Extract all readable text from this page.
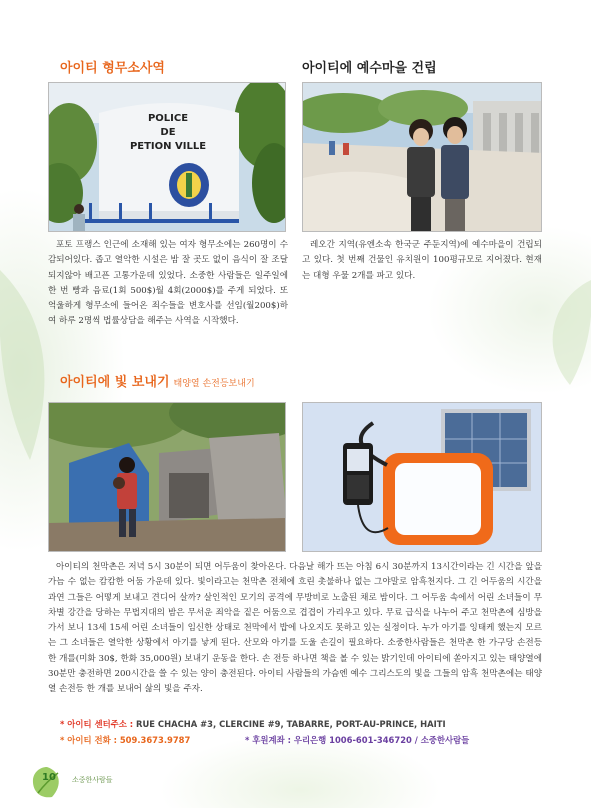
아이티 형무소사역
POLICE
DE
PETION VILLE

포토 프랭스 인근에 소재해 있는 여자 형무소에는 260명이 수감되어있다. 좁고 열악한 시설은 밤 잘 곳도 없이 음식이 잘 조달되지않아 배고픈 고통가운데 있었다. 소중한 사람들은 일주일에 한 번 빵과 음료(1회 500$)월 4회(2000$)를 주게 되었다. 또 억울하게 형무소에 들어온 죄수들을 변호사를 선임(월200$)하여 하루 2명씩 법률상담을 해주는 사역을 시작했다.

아이티에 예수마을 건립

레오간 지역(유엔소속 한국군 주둔지역)에 예수마을이 건립되고 있다. 첫 번째 건물인 유치원이 100평규모로 지어졌다. 현재는 대형 우물 2개를 파고 있다.

아이티에 빛 보내기 태양열 손전등보내기

아이티의 천막촌은 저녁 5시 30분이 되면 어두움이 찾아온다. 다음날 해가 뜨는 아침 6시 30분까지 13시간이라는 긴 시간을 앞을 가늠 수 없는 캄캄한 어둠 가운데 있다. 빛이라고는 천막촌 전체에 흐린 촛불하나 없는 그야말로 암흑천지다. 그 긴 어두움의 시간을 과연 그들은 어떻게 보내고 견디어 살까? 살인적인 모기의 공격에 무방비로 노출된 채로 밤이다. 그 어두움 속에서 어린 소녀들이 무차별 강간을 당하는 무법지대의 밤은 무서운 죄악을 짙은 어둠으로 겹겹이 가리우고 있다. 무료 급식을 나누어 주고 천막촌에 심방을 가서 보니 13세 15세 어린 소녀들이 임신한 상태로 천막에서 밥에 나오지도 못하고 있는 실정이다. 누가 아기를 잉태케 했는지 모르는 그 소녀들은 열악한 상황에서 아기를 낳게 된다. 산모와 아기를 도울 손길이 필요하다. 소중한사람들은 천막촌 한 가구당 손전등 한 개를(미화 30$, 한화 35,000원) 보내기 운동을 한다. 손 전등 하나면 책을 볼 수 있는 밝기인데 아이티에 쏟아지고 있는 태양열에 30분만 충전하면 200시간을 쓸 수 있는 양이 충전된다. 아이티 사람들의 가슴엔 예수 그리스도의 빛을 그들의 암흑 천막촌에는 태양열 손전등 한 개를 보내어 삶의 빛을 주자.

* 아이티 센터주소 : RUE CHACHA #3, CLERCINE #9, TABARRE, PORT-AU-PRINCE, HAITI
* 아이티 전화 : 509.3673.9787	* 후원계좌 : 우리은행 1006-601-346720 / 소중한사람들
10 소중한사람들
